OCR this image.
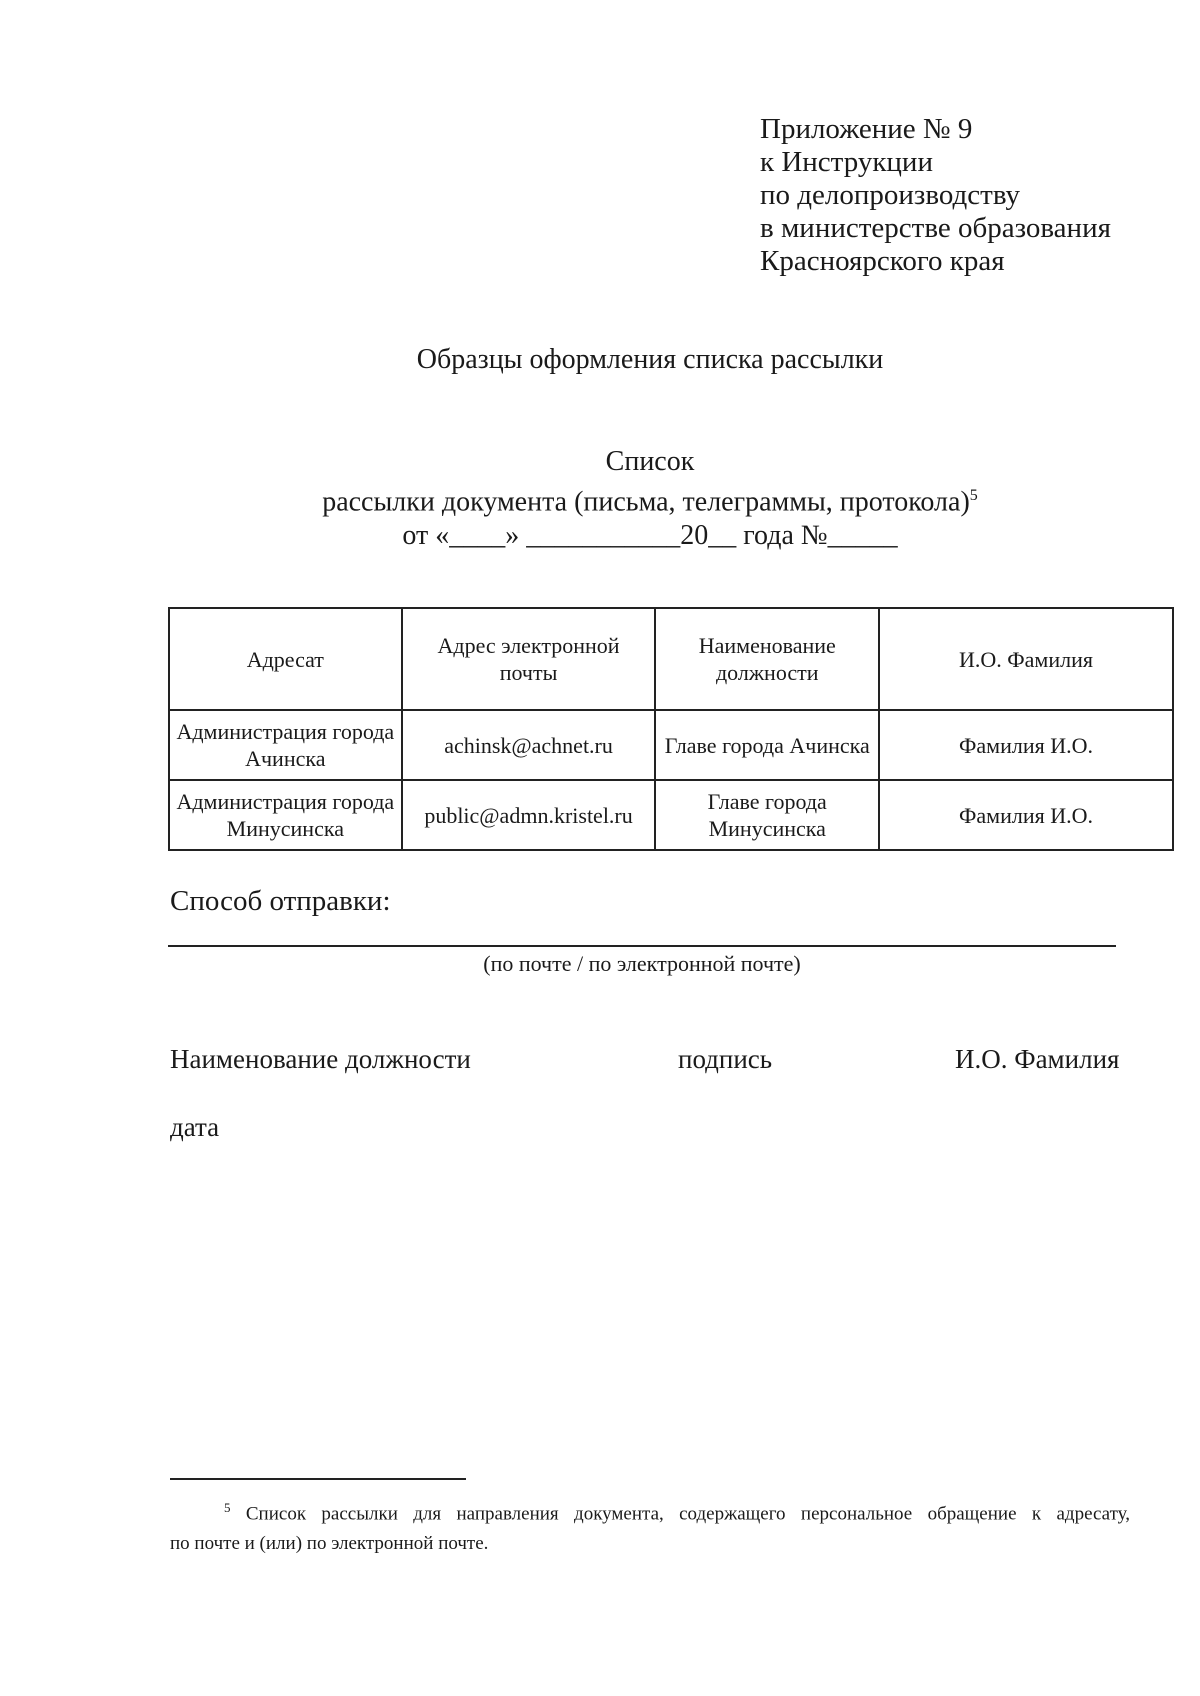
Приложение № 9
к Инструкции
по делопроизводству
в министерстве образования
Красноярского края
Образцы оформления списка рассылки
Список
рассылки документа (письма, телеграммы, протокола)$^5$
от «____» ___________20__ года №_____
Адресат	Адрес электронной почты	Наименование должности	И.О. Фамилия
Администрация города Ачинска	achinsk@achnet.ru	Главе города Ачинска	Фамилия И.О.
Администрация города Минусинска	public@admn.kristel.ru	Главе города Минусинска	Фамилия И.О.
Способ отправки:
(по почте / по электронной почте)
Наименование должности	подпись	И.О. Фамилия
дата
$^5$ Список рассылки для направления документа, содержащего персональное обращение к адресату,
по почте и (или) по электронной почте.
